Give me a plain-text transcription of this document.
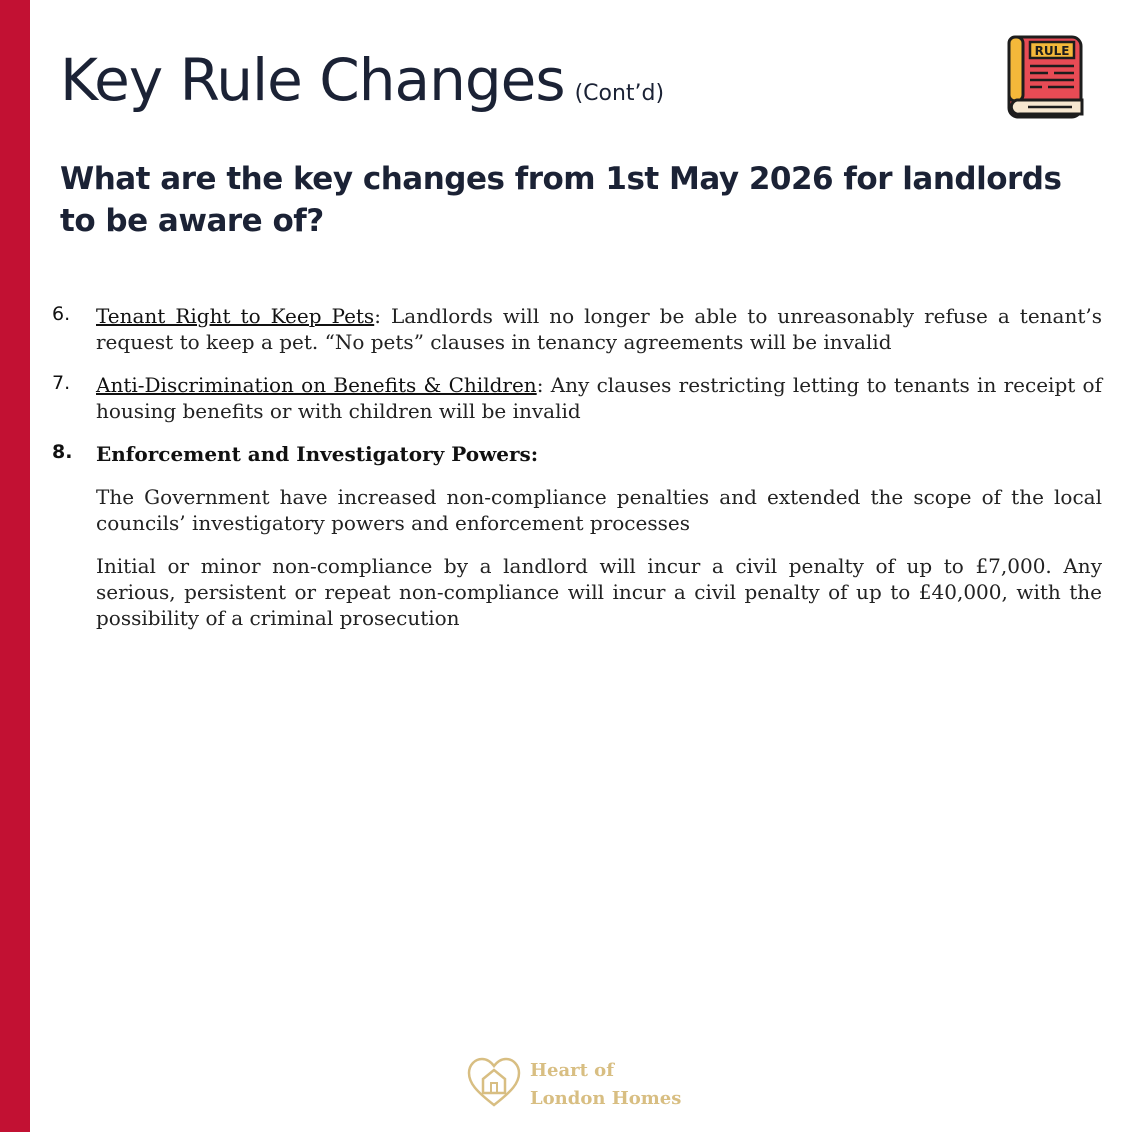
Key Rule Changes (Cont’d)
RULE
What are the key changes from 1st May 2026 for landlords to be aware of?
6. Tenant Right to Keep Pets: Landlords will no longer be able to unreasonably refuse a tenant’s request to keep a pet. “No pets” clauses in tenancy agreements will be invalid
7. Anti-Discrimination on Benefits & Children: Any clauses restricting letting to tenants in receipt of housing benefits or with children will be invalid
8. Enforcement and Investigatory Powers:
The Government have increased non-compliance penalties and extended the scope of the local councils’ investigatory powers and enforcement processes
Initial or minor non-compliance by a landlord will incur a civil penalty of up to £7,000. Any serious, persistent or repeat non-compliance will incur a civil penalty of up to £40,000, with the possibility of a criminal prosecution
Heart of
London Homes
